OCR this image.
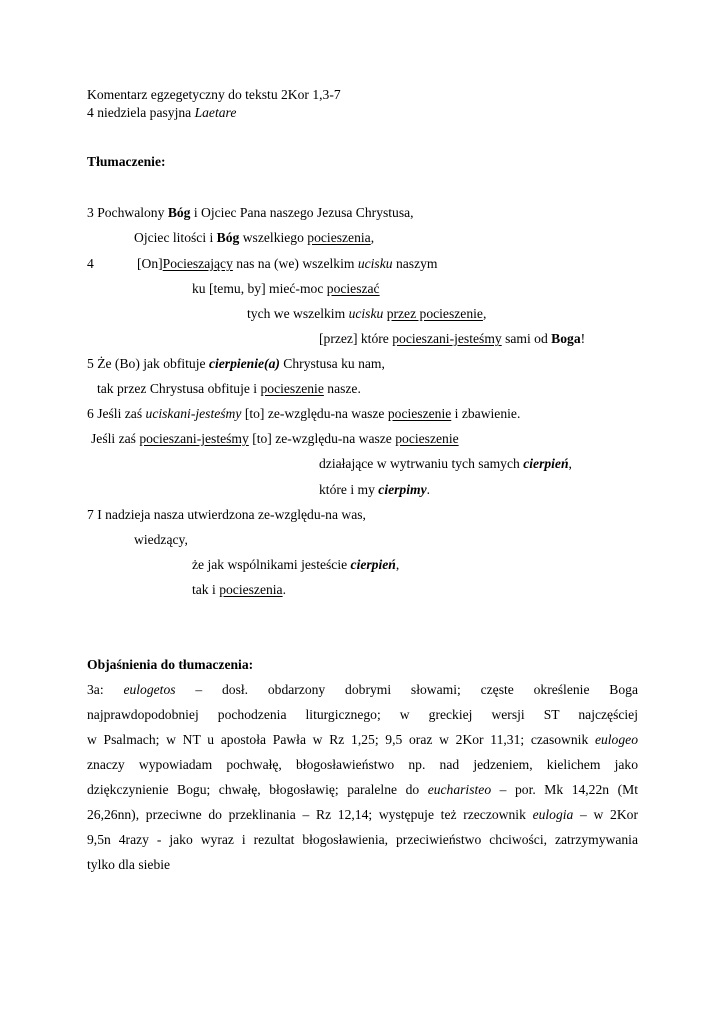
Komentarz egzegetyczny do tekstu 2Kor 1,3-7
4 niedziela pasyjna Laetare
Tłumaczenie:
3 Pochwalony Bóg i Ojciec Pana naszego Jezusa Chrystusa,
Ojciec litości i Bóg wszelkiego pocieszenia,
4	[On]Pocieszający nas na (we) wszelkim ucisku naszym
ku [temu, by] mieć-moc pocieszać
tych we wszelkim ucisku przez pocieszenie,
[przez] które pocieszani-jesteśmy sami od Boga!
5 Że (Bo) jak obfituje cierpienie(a) Chrystusa ku nam,
tak przez Chrystusa obfituje i pocieszenie nasze.
6 Jeśli zaś uciskani-jesteśmy [to] ze-względu-na wasze pocieszenie i zbawienie.
Jeśli zaś pocieszani-jesteśmy [to] ze-względu-na wasze pocieszenie
działające w wytrwaniu tych samych cierpień,
które i my cierpimy.
7 I nadzieja nasza utwierdzona ze-względu-na was,
wiedzący,
że jak wspólnikami jesteście cierpień,
tak i pocieszenia.
Objaśnienia do tłumaczenia:
3a: eulogetos – dosł. obdarzony dobrymi słowami; częste określenie Boga
najprawdopodobniej pochodzenia liturgicznego; w greckiej wersji ST najczęściej
w Psalmach; w NT u apostoła Pawła w Rz 1,25; 9,5 oraz w 2Kor 11,31; czasownik eulogeo
znaczy wypowiadam pochwałę, błogosławieństwo np. nad jedzeniem, kielichem jako
dziękczynienie Bogu; chwałę, błogosławię; paralelne do eucharisteo – por. Mk 14,22n (Mt
26,26nn), przeciwne do przeklinania – Rz 12,14; występuje też rzeczownik eulogia – w 2Kor
9,5n 4razy - jako wyraz i rezultat błogosławienia, przeciwieństwo chciwości, zatrzymywania
tylko dla siebie
